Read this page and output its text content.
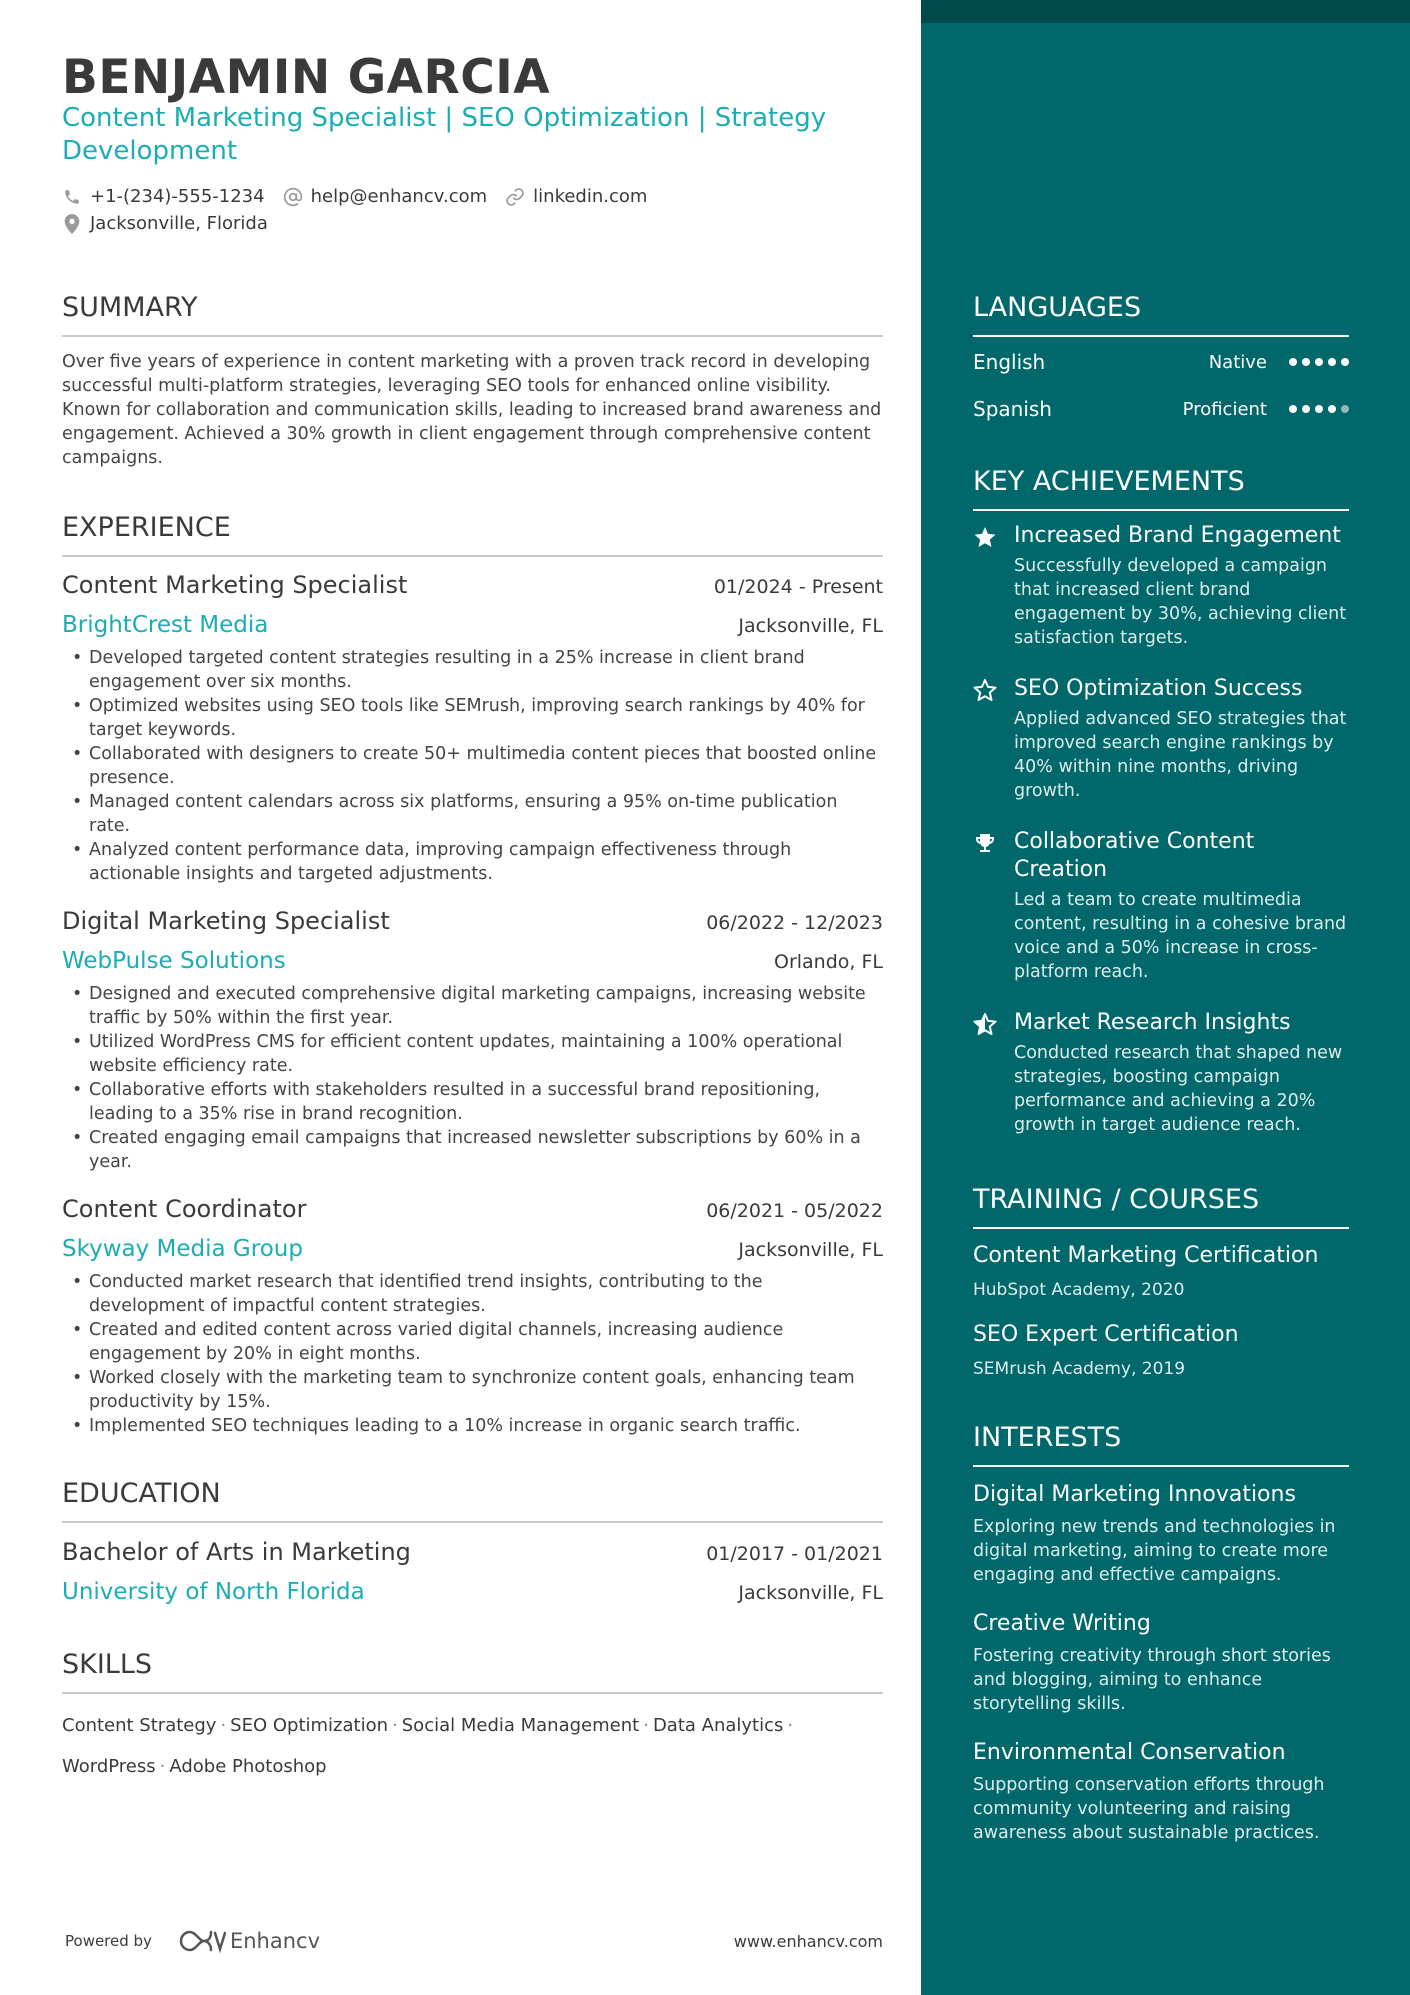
BENJAMIN GARCIA
Content Marketing Specialist | SEO Optimization | Strategy Development
+1-(234)-555-1234	help@enhancv.com	linkedin.com
Jacksonville, Florida
SUMMARY
Over five years of experience in content marketing with a proven track record in developing successful multi-platform strategies, leveraging SEO tools for enhanced online visibility. Known for collaboration and communication skills, leading to increased brand awareness and engagement. Achieved a 30% growth in client engagement through comprehensive content campaigns.
EXPERIENCE
Content Marketing Specialist	01/2024 - Present
BrightCrest Media	Jacksonville, FL
• Developed targeted content strategies resulting in a 25% increase in client brand engagement over six months.
• Optimized websites using SEO tools like SEMrush, improving search rankings by 40% for target keywords.
• Collaborated with designers to create 50+ multimedia content pieces that boosted online presence.
• Managed content calendars across six platforms, ensuring a 95% on-time publication rate.
• Analyzed content performance data, improving campaign effectiveness through actionable insights and targeted adjustments.
Digital Marketing Specialist	06/2022 - 12/2023
WebPulse Solutions	Orlando, FL
• Designed and executed comprehensive digital marketing campaigns, increasing website traffic by 50% within the first year.
• Utilized WordPress CMS for efficient content updates, maintaining a 100% operational website efficiency rate.
• Collaborative efforts with stakeholders resulted in a successful brand repositioning, leading to a 35% rise in brand recognition.
• Created engaging email campaigns that increased newsletter subscriptions by 60% in a year.
Content Coordinator	06/2021 - 05/2022
Skyway Media Group	Jacksonville, FL
• Conducted market research that identified trend insights, contributing to the development of impactful content strategies.
• Created and edited content across varied digital channels, increasing audience engagement by 20% in eight months.
• Worked closely with the marketing team to synchronize content goals, enhancing team productivity by 15%.
• Implemented SEO techniques leading to a 10% increase in organic search traffic.
EDUCATION
Bachelor of Arts in Marketing	01/2017 - 01/2021
University of North Florida	Jacksonville, FL
SKILLS
Content Strategy · SEO Optimization · Social Media Management · Data Analytics ·
WordPress · Adobe Photoshop
Powered by	Enhancv	www.enhancv.com
LANGUAGES
English	Native
Spanish	Proficient
KEY ACHIEVEMENTS
Increased Brand Engagement
Successfully developed a campaign that increased client brand engagement by 30%, achieving client satisfaction targets.
SEO Optimization Success
Applied advanced SEO strategies that improved search engine rankings by 40% within nine months, driving growth.
Collaborative Content Creation
Led a team to create multimedia content, resulting in a cohesive brand voice and a 50% increase in cross-platform reach.
Market Research Insights
Conducted research that shaped new strategies, boosting campaign performance and achieving a 20% growth in target audience reach.
TRAINING / COURSES
Content Marketing Certification
HubSpot Academy, 2020
SEO Expert Certification
SEMrush Academy, 2019
INTERESTS
Digital Marketing Innovations
Exploring new trends and technologies in digital marketing, aiming to create more engaging and effective campaigns.
Creative Writing
Fostering creativity through short stories and blogging, aiming to enhance storytelling skills.
Environmental Conservation
Supporting conservation efforts through community volunteering and raising awareness about sustainable practices.
